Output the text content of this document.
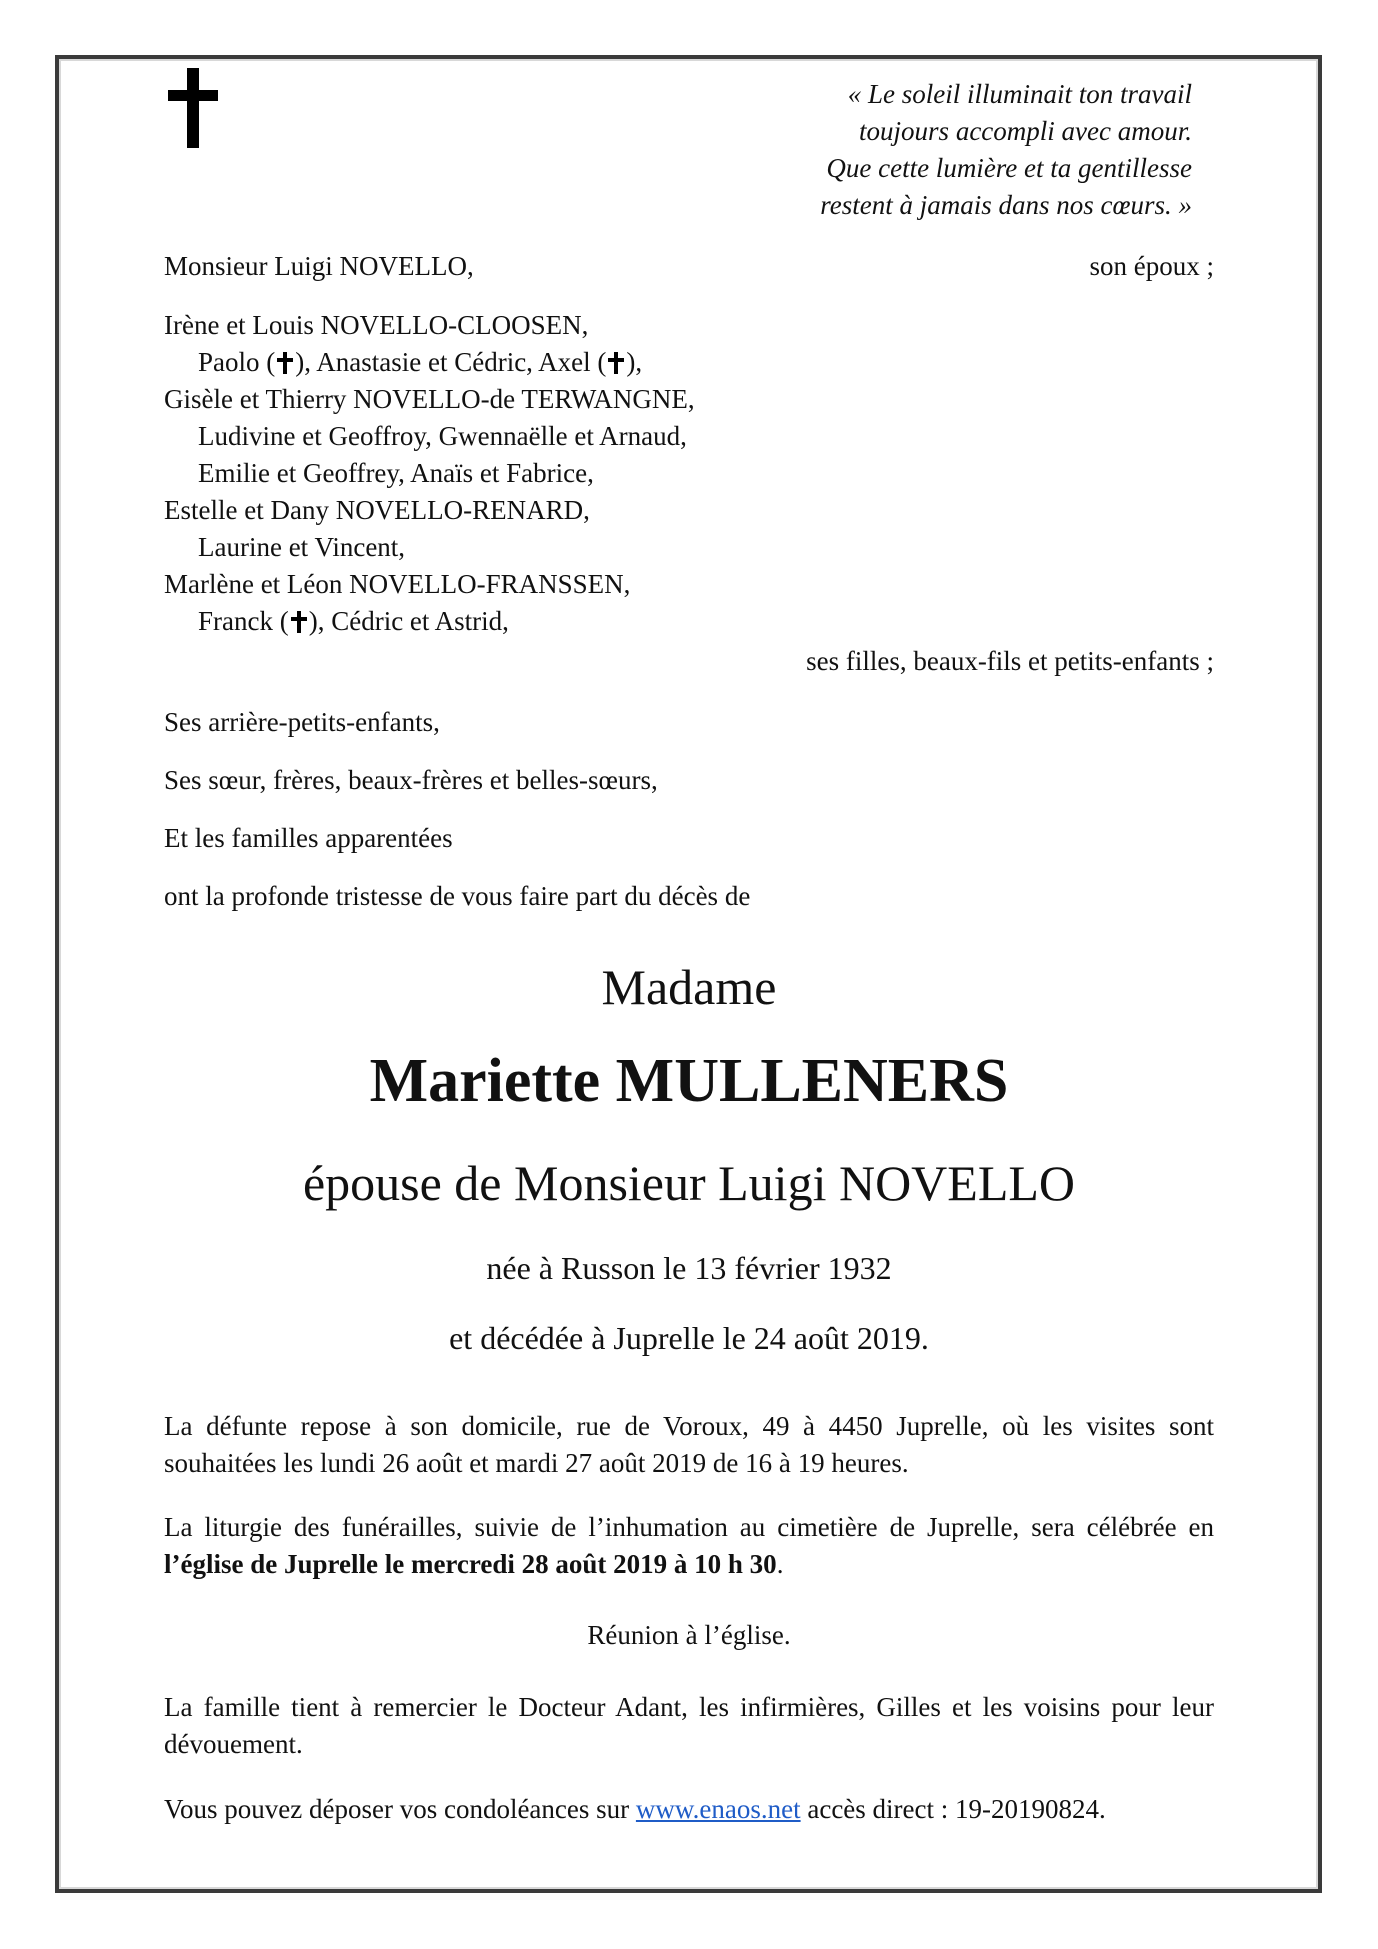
« Le soleil illuminait ton travail
toujours accompli avec amour.
Que cette lumière et ta gentillesse
restent à jamais dans nos cœurs. »
Monsieur Luigi NOVELLO,	son époux ;
Irène et Louis NOVELLO-CLOOSEN,
Paolo ( ), Anastasie et Cédric, Axel ( ),
Gisèle et Thierry NOVELLO-de TERWANGNE,
Ludivine et Geoffroy, Gwennaëlle et Arnaud,
Emilie et Geoffrey, Anaïs et Fabrice,
Estelle et Dany NOVELLO-RENARD,
Laurine et Vincent,
Marlène et Léon NOVELLO-FRANSSEN,
Franck ( ), Cédric et Astrid,
ses filles, beaux-fils et petits-enfants ;
Ses arrière-petits-enfants,
Ses sœur, frères, beaux-frères et belles-sœurs,
Et les familles apparentées
ont la profonde tristesse de vous faire part du décès de
Madame
Mariette MULLENERS
épouse de Monsieur Luigi NOVELLO
née à Russon le 13 février 1932
et décédée à Juprelle le 24 août 2019.
La défunte repose à son domicile, rue de Voroux, 49 à 4450 Juprelle, où les visites sont souhaitées les lundi 26 août et mardi 27 août 2019 de 16 à 19 heures.
La liturgie des funérailles, suivie de l’inhumation au cimetière de Juprelle, sera célébrée en l’église de Juprelle le mercredi 28 août 2019 à 10 h 30.
Réunion à l’église.
La famille tient à remercier le Docteur Adant, les infirmières, Gilles et les voisins pour leur dévouement.
Vous pouvez déposer vos condoléances sur www.enaos.net accès direct : 19-20190824.
